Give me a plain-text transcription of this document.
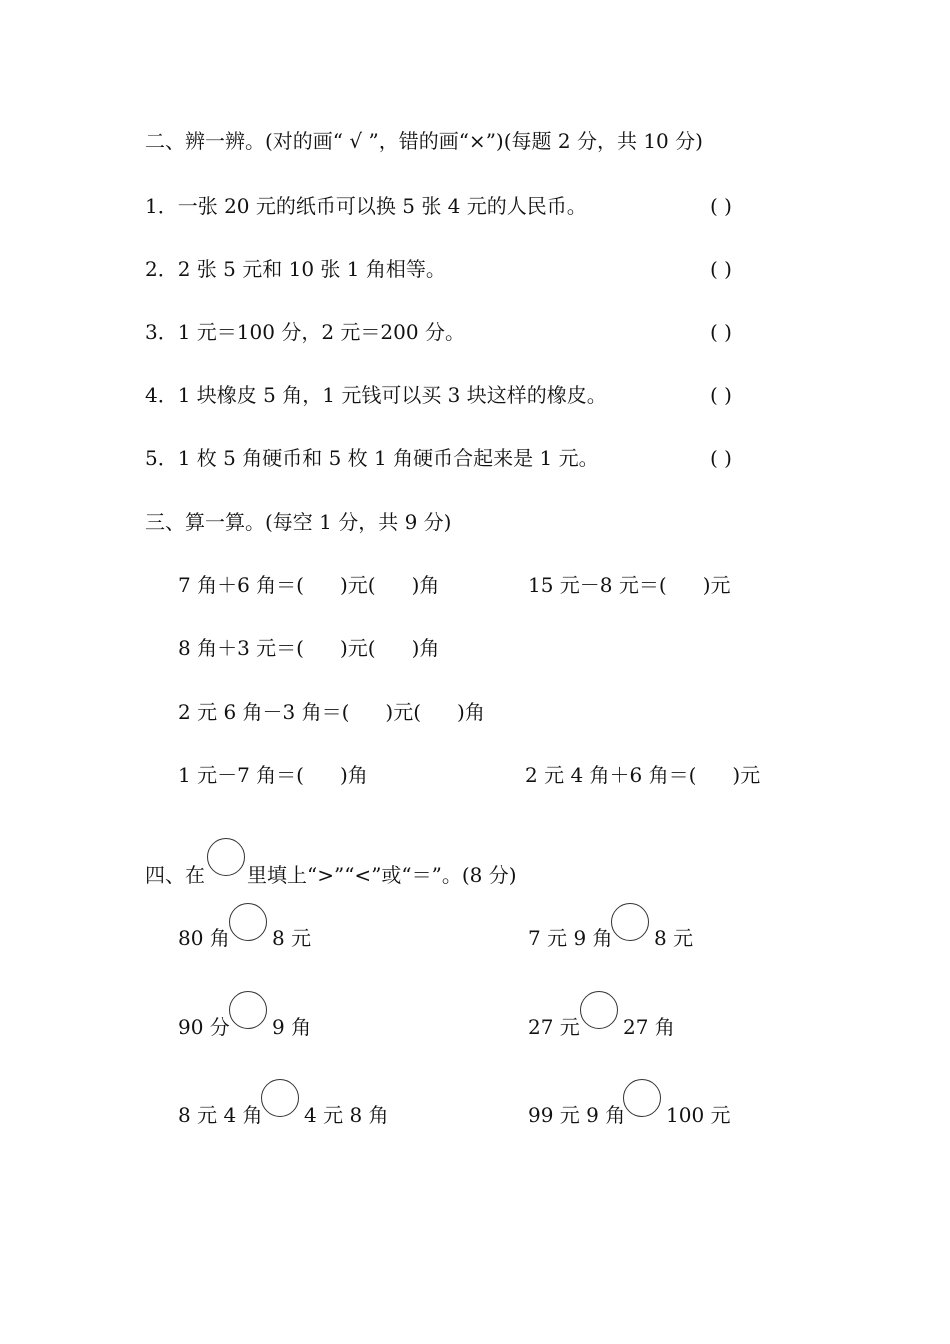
二、辨一辨。(对的画“ √ ”，错的画“×”)(每题 2 分，共 10 分)
1．一张 20 元的纸币可以换 5 张 4 元的人民币。	( )
2．2 张 5 元和 10 张 1 角相等。	( )
3．1 元＝100 分，2 元＝200 分。	( )
4．1 块橡皮 5 角，1 元钱可以买 3 块这样的橡皮。	( )
5．1 枚 5 角硬币和 5 枚 1 角硬币合起来是 1 元。	( )
三、算一算。(每空 1 分，共 9 分)
7 角＋6 角＝( )元( )角	15 元－8 元＝( )元
8 角＋3 元＝( )元( )角
2 元 6 角－3 角＝( )元( )角
1 元－7 角＝( )角	2 元 4 角＋6 角＝( )元
四、在 里填上“>”“<”或“＝”。(8 分)
80 角 8 元	7 元 9 角 8 元
90 分 9 角	27 元 27 角
8 元 4 角 4 元 8 角	99 元 9 角 100 元
